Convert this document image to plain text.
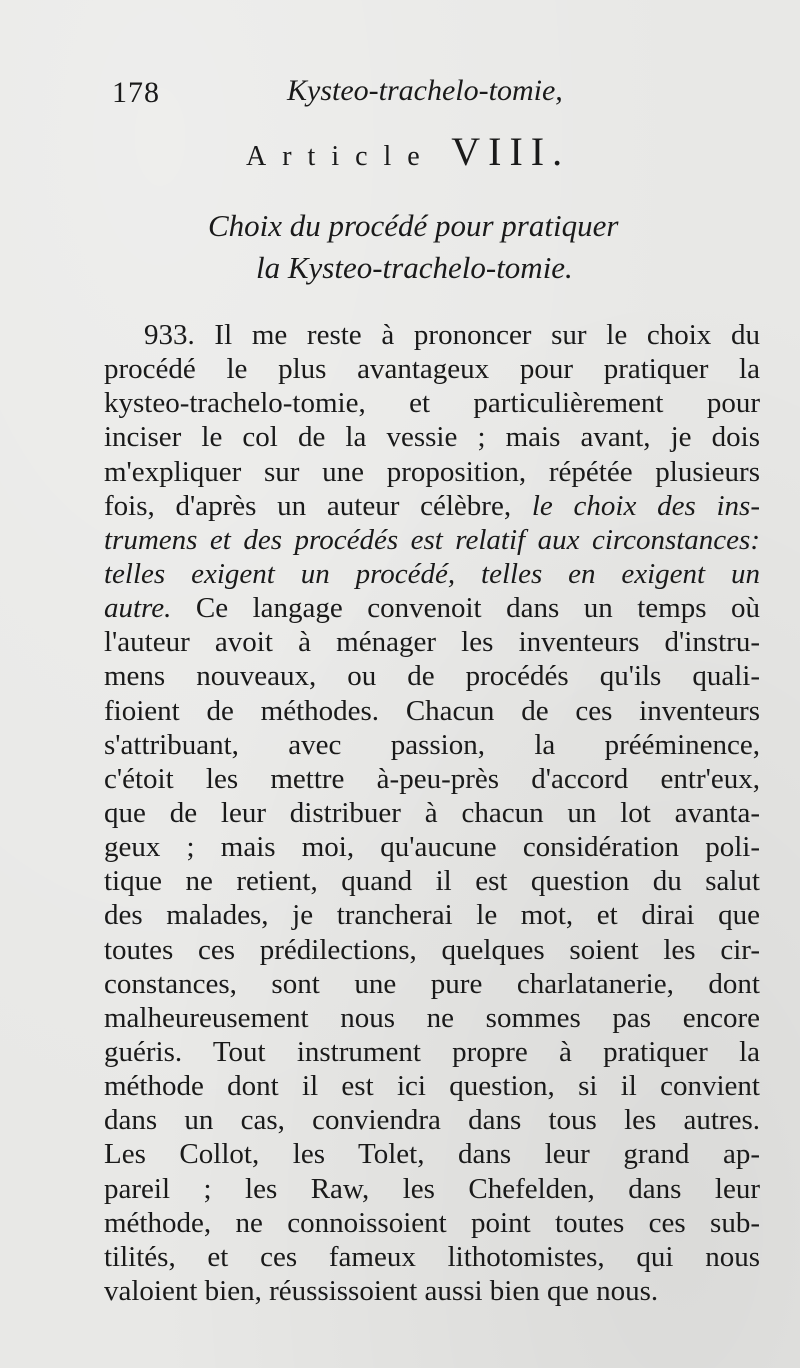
178	Kysteo-trachelo-tomie,
Article VIII.
Choix du procédé pour pratiquer
la Kysteo-trachelo-tomie.
933. Il me reste à prononcer sur le choix du
procédé le plus avantageux pour pratiquer la
kysteo-trachelo-tomie, et particulièrement pour
inciser le col de la vessie ; mais avant, je dois
m'expliquer sur une proposition, répétée plusieurs
fois, d'après un auteur célèbre, le choix des ins-
trumens et des procédés est relatif aux circonstances:
telles exigent un procédé, telles en exigent un
autre. Ce langage convenoit dans un temps où
l'auteur avoit à ménager les inventeurs d'instru-
mens nouveaux, ou de procédés qu'ils quali-
fioient de méthodes. Chacun de ces inventeurs
s'attribuant, avec passion, la prééminence,
c'étoit les mettre à-peu-près d'accord entr'eux,
que de leur distribuer à chacun un lot avanta-
geux ; mais moi, qu'aucune considération poli-
tique ne retient, quand il est question du salut
des malades, je trancherai le mot, et dirai que
toutes ces prédilections, quelques soient les cir-
constances, sont une pure charlatanerie, dont
malheureusement nous ne sommes pas encore
guéris. Tout instrument propre à pratiquer la
méthode dont il est ici question, si il convient
dans un cas, conviendra dans tous les autres.
Les Collot, les Tolet, dans leur grand ap-
pareil ; les Raw, les Chefelden, dans leur
méthode, ne connoissoient point toutes ces sub-
tilités, et ces fameux lithotomistes, qui nous
valoient bien, réussissoient aussi bien que nous.
